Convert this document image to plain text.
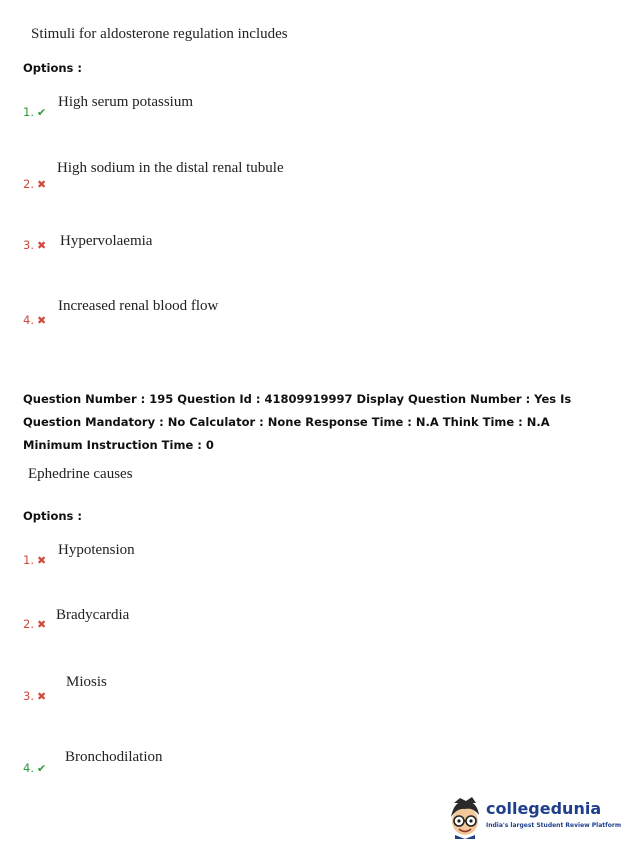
Stimuli for aldosterone regulation includes
Options :
1. ✔
High serum potassium
2. ✖
High sodium in the distal renal tubule
3. ✖ Hypervolaemia
4. ✖
Increased renal blood flow
Question Number : 195 Question Id : 41809919997 Display Question Number : Yes Is Question Mandatory : No Calculator : None Response Time : N.A Think Time : N.A Minimum Instruction Time : 0
Ephedrine causes
Options :
1. ✖
Hypotension
2. ✖
Bradycardia
3. ✖
Miosis
4. ✔
Bronchodilation
collegedunia
India's largest Student Review Platform
